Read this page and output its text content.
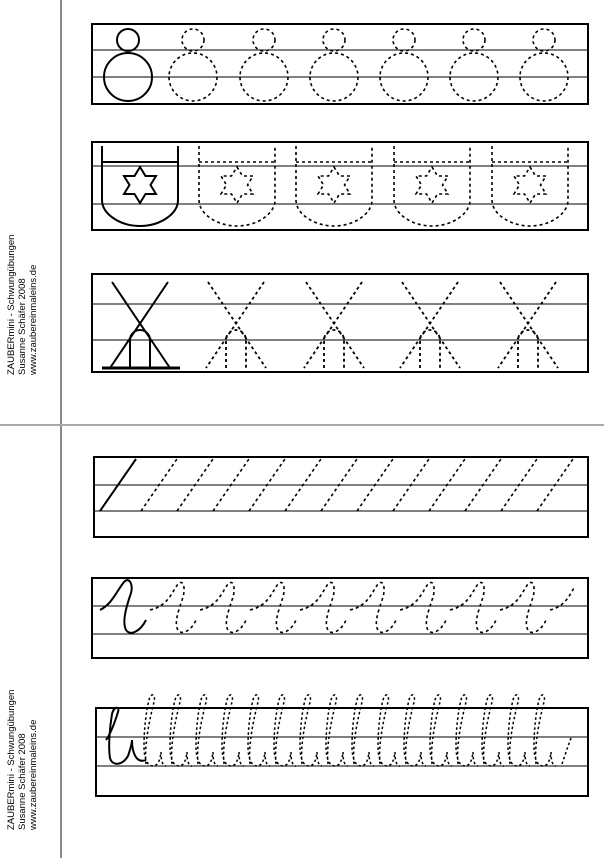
ZAUBERmini - Schwungübungen Susanne Schäfer 2008 www.zaubereinmaleins.de
ZAUBERmini - Schwungübungen Susanne Schäfer 2008 www.zaubereinmaleins.de
